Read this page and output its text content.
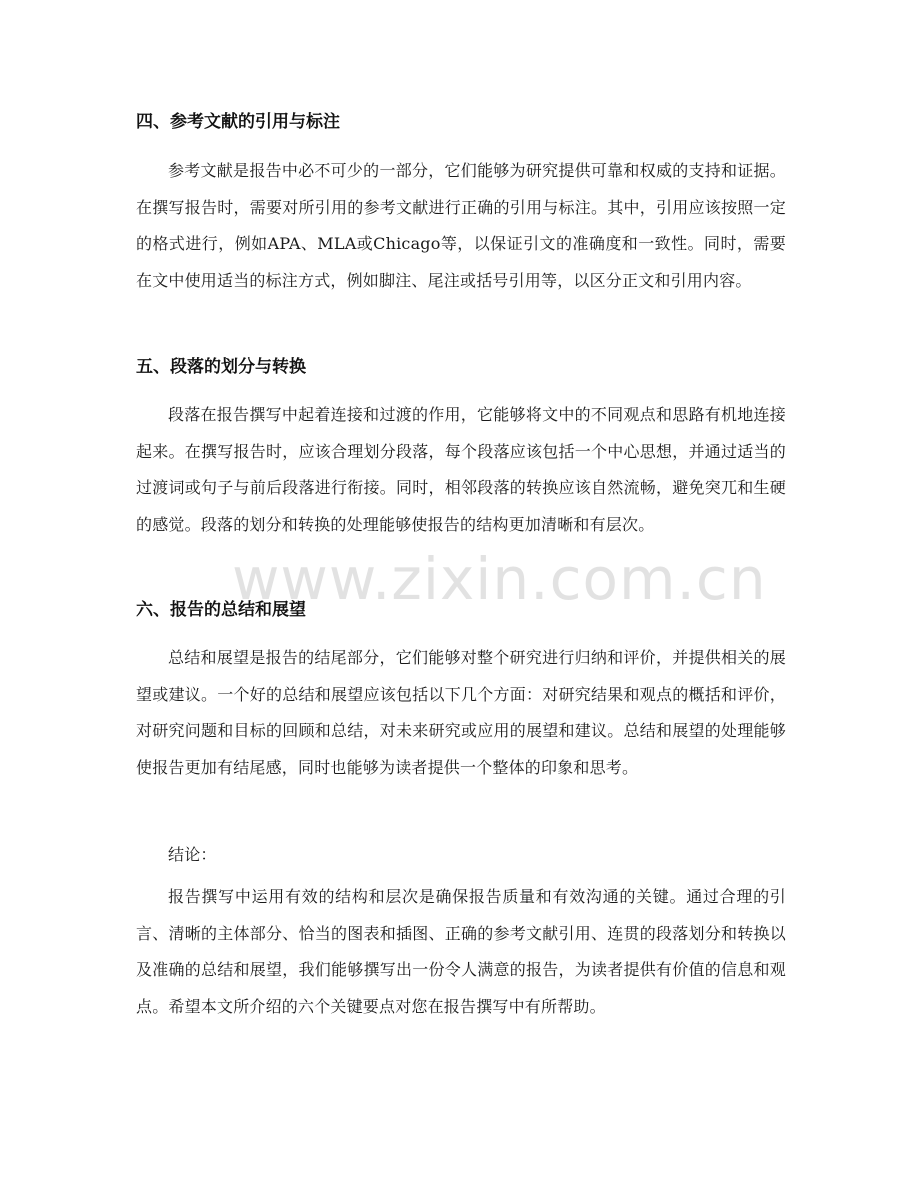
四、参考文献的引用与标注

参考文献是报告中必不可少的一部分，它们能够为研究提供可靠和权威的支持和证据。在撰写报告时，需要对所引用的参考文献进行正确的引用与标注。其中，引用应该按照一定的格式进行，例如APA、MLA或Chicago等，以保证引文的准确度和一致性。同时，需要在文中使用适当的标注方式，例如脚注、尾注或括号引用等，以区分正文和引用内容。

五、段落的划分与转换

段落在报告撰写中起着连接和过渡的作用，它能够将文中的不同观点和思路有机地连接起来。在撰写报告时，应该合理划分段落，每个段落应该包括一个中心思想，并通过适当的过渡词或句子与前后段落进行衔接。同时，相邻段落的转换应该自然流畅，避免突兀和生硬的感觉。段落的划分和转换的处理能够使报告的结构更加清晰和有层次。

六、报告的总结和展望

总结和展望是报告的结尾部分，它们能够对整个研究进行归纳和评价，并提供相关的展望或建议。一个好的总结和展望应该包括以下几个方面：对研究结果和观点的概括和评价，对研究问题和目标的回顾和总结，对未来研究或应用的展望和建议。总结和展望的处理能够使报告更加有结尾感，同时也能够为读者提供一个整体的印象和思考。

结论：

报告撰写中运用有效的结构和层次是确保报告质量和有效沟通的关键。通过合理的引言、清晰的主体部分、恰当的图表和插图、正确的参考文献引用、连贯的段落划分和转换以及准确的总结和展望，我们能够撰写出一份令人满意的报告，为读者提供有价值的信息和观点。希望本文所介绍的六个关键要点对您在报告撰写中有所帮助。

www.zixin.com.cn
